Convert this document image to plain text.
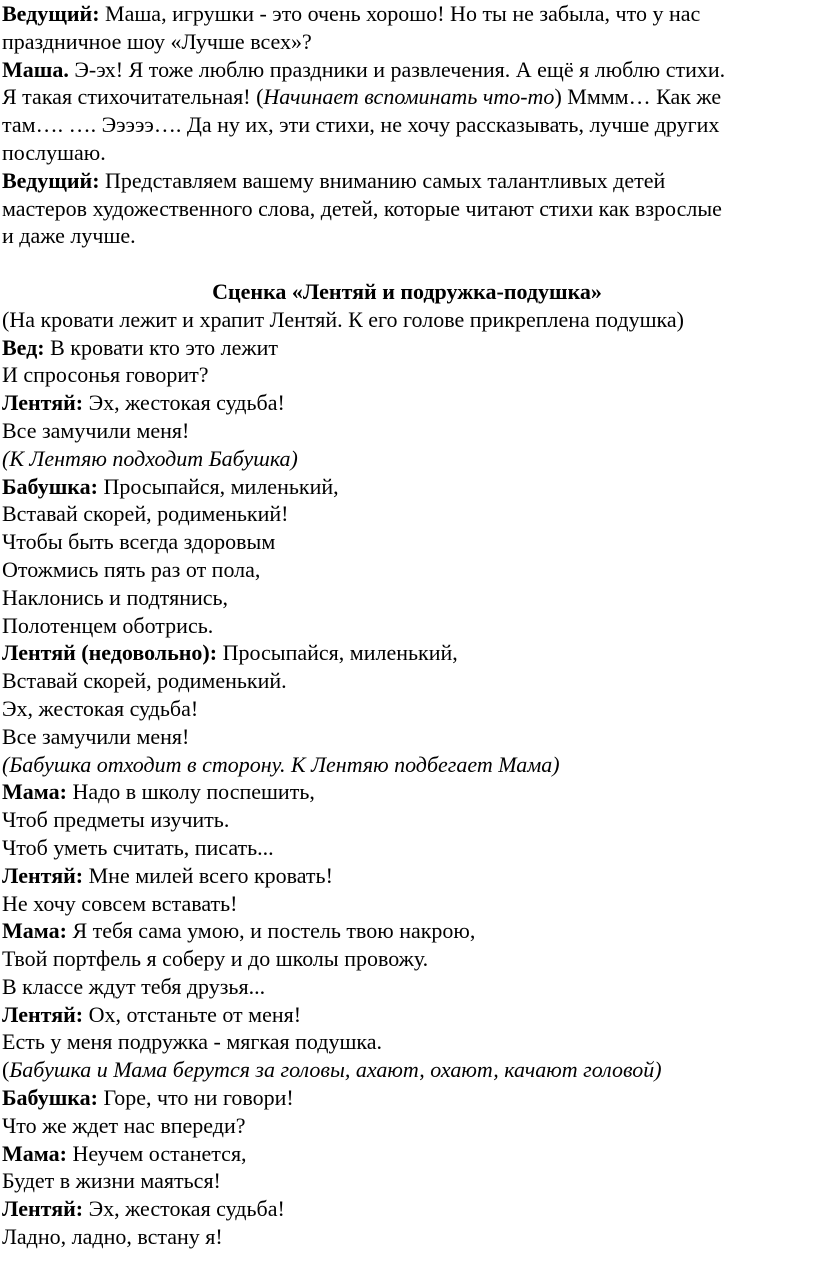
Ведущий: Маша, игрушки - это очень хорошо! Но ты не забыла, что у нас
праздничное шоу «Лучше всех»?
Маша. Э-эх! Я тоже люблю праздники и развлечения. А ещё я люблю стихи.
Я такая стихочитательная! (Начинает вспоминать что-то) Мммм… Как же
там…. …. Эээээ…. Да ну их, эти стихи, не хочу рассказывать, лучше других
послушаю.
Ведущий: Представляем вашему вниманию самых талантливых детей
мастеров художественного слова, детей, которые читают стихи как взрослые
и даже лучше.
Сценка «Лентяй и подружка-подушка»
(На кровати лежит и храпит Лентяй. К его голове прикреплена подушка)
Вед: В кровати кто это лежит
И спросонья говорит?
Лентяй: Эх, жестокая судьба!
Все замучили меня!
(К Лентяю подходит Бабушка)
Бабушка: Просыпайся, миленький,
Вставай скорей, родименький!
Чтобы быть всегда здоровым
Отожмись пять раз от пола,
Наклонись и подтянись,
Полотенцем оботрись.
Лентяй (недовольно): Просыпайся, миленький,
Вставай скорей, родименький.
Эх, жестокая судьба!
Все замучили меня!
(Бабушка отходит в сторону. К Лентяю подбегает Мама)
Мама: Надо в школу поспешить,
Чтоб предметы изучить.
Чтоб уметь считать, писать...
Лентяй: Мне милей всего кровать!
Не хочу совсем вставать!
Мама: Я тебя сама умою, и постель твою накрою,
Твой портфель я соберу и до школы провожу.
В классе ждут тебя друзья...
Лентяй: Ох, отстаньте от меня!
Есть у меня подружка - мягкая подушка.
(Бабушка и Мама берутся за головы, ахают, охают, качают головой)
Бабушка: Горе, что ни говори!
Что же ждет нас впереди?
Мама: Неучем останется,
Будет в жизни маяться!
Лентяй: Эх, жестокая судьба!
Ладно, ладно, встану я!
